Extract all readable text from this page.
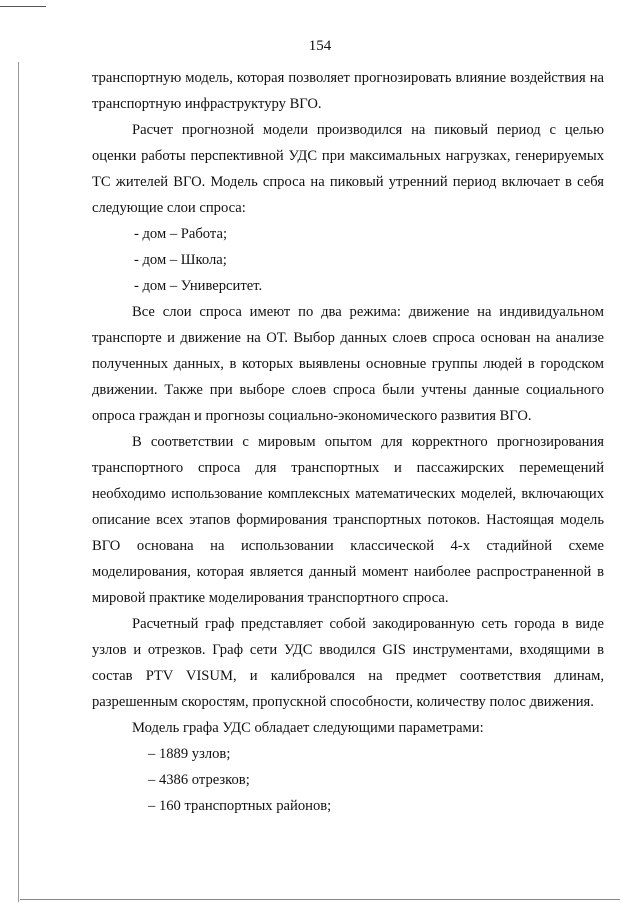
154

транспортную модель, которая позволяет прогнозировать влияние воздействия на транспортную инфраструктуру ВГО.

Расчет прогнозной модели производился на пиковый период с целью оценки работы перспективной УДС при максимальных нагрузках, генерируемых ТС жителей ВГО. Модель спроса на пиковый утренний период включает в себя следующие слои спроса:

- дом – Работа;

- дом – Школа;

- дом – Университет.

Все слои спроса имеют по два режима: движение на индивидуальном транспорте и движение на ОТ. Выбор данных слоев спроса основан на анализе полученных данных, в которых выявлены основные группы людей в городском движении. Также при выборе слоев спроса были учтены данные социального опроса граждан и прогнозы социально-экономического развития ВГО.

В соответствии с мировым опытом для корректного прогнозирования транспортного спроса для транспортных и пассажирских перемещений необходимо использование комплексных математических моделей, включающих описание всех этапов формирования транспортных потоков. Настоящая модель ВГО основана на использовании классической 4-х стадийной схеме моделирования, которая является данный момент наиболее распространенной в мировой практике моделирования транспортного спроса.

Расчетный граф представляет собой закодированную сеть города в виде узлов и отрезков. Граф сети УДС вводился GIS инструментами, входящими в состав PTV VISUM, и калибровался на предмет соответствия длинам, разрешенным скоростям, пропускной способности, количеству полос движения.

Модель графа УДС обладает следующими параметрами:

– 1889 узлов;

– 4386 отрезков;

– 160 транспортных районов;
